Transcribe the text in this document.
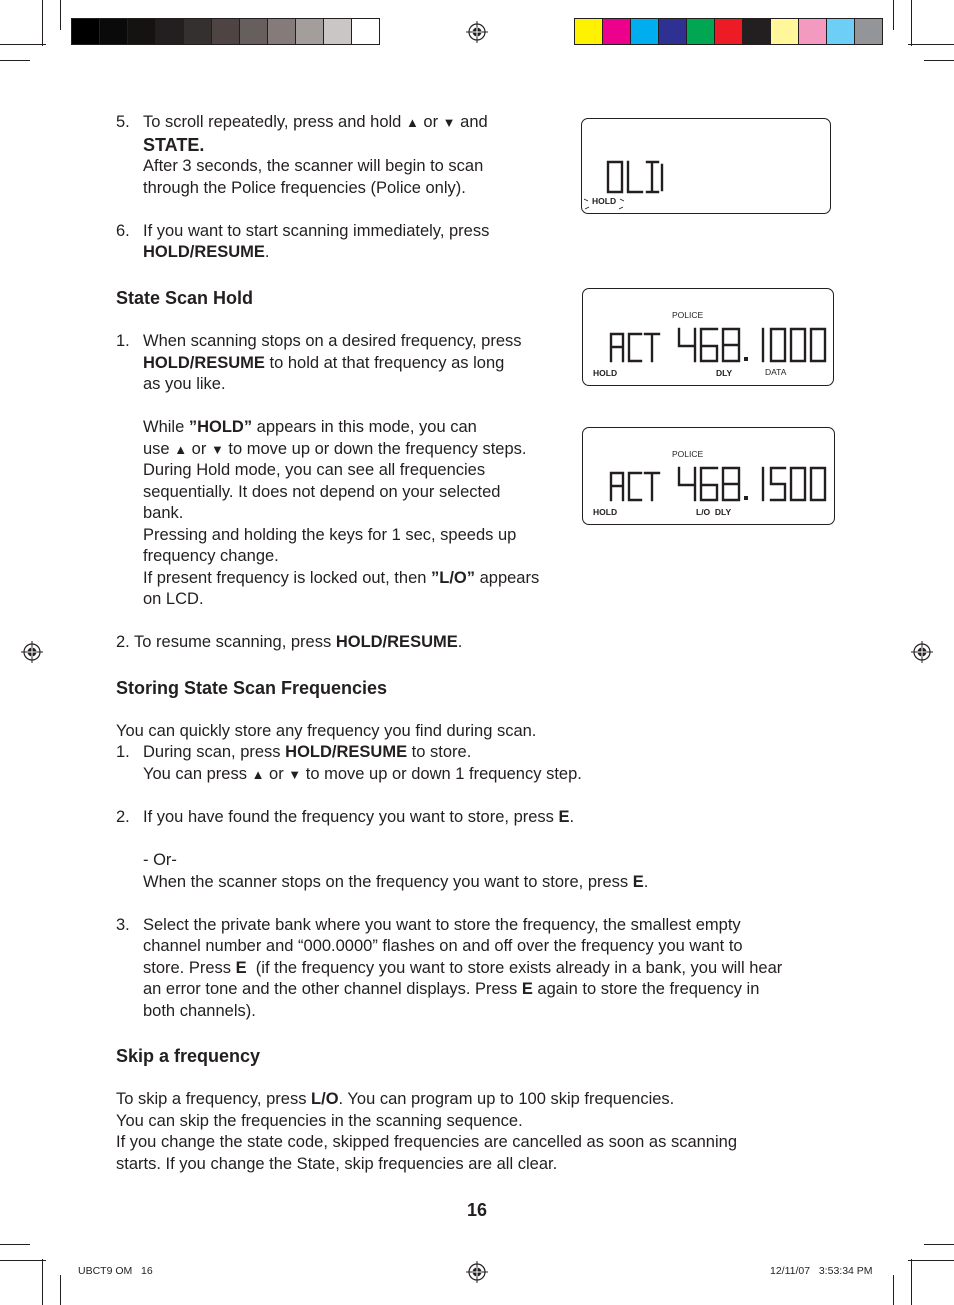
5. To scroll repeatedly, press and hold ▲ or ▼ and
STATE.
After 3 seconds, the scanner will begin to scan
through the Police frequencies (Police only).
6. If you want to start scanning immediately, press
HOLD/RESUME.
State Scan Hold
1. When scanning stops on a desired frequency, press
HOLD/RESUME to hold at that frequency as long
as you like.
While ”HOLD” appears in this mode, you can
use ▲ or ▼ to move up or down the frequency steps.
During Hold mode, you can see all frequencies
sequentially. It does not depend on your selected
bank.
Pressing and holding the keys for 1 sec, speeds up
frequency change.
If present frequency is locked out, then ”L/O” appears
on LCD.
2. To resume scanning, press HOLD/RESUME.
Storing State Scan Frequencies
You can quickly store any frequency you find during scan.
1. During scan, press HOLD/RESUME to store.
You can press ▲ or ▼ to move up or down 1 frequency step.
2. If you have found the frequency you want to store, press E.
- Or-
When the scanner stops on the frequency you want to store, press E.
3. Select the private bank where you want to store the frequency, the smallest empty
channel number and “000.0000” flashes on and off over the frequency you want to
store. Press E  (if the frequency you want to store exists already in a bank, you will hear
an error tone and the other channel displays. Press E again to store the frequency in
both channels).
Skip a frequency
To skip a frequency, press L/O. You can program up to 100 skip frequencies.
You can skip the frequencies in the scanning sequence.
If you change the state code, skipped frequencies are cancelled as soon as scanning
starts. If you change the State, skip frequencies are all clear.
HOLD
POLICE
HOLD	DLY	DATA
POLICE
HOLD	L/O  DLY
16
UBCT9 OM   16	12/11/07   3:53:34 PM
